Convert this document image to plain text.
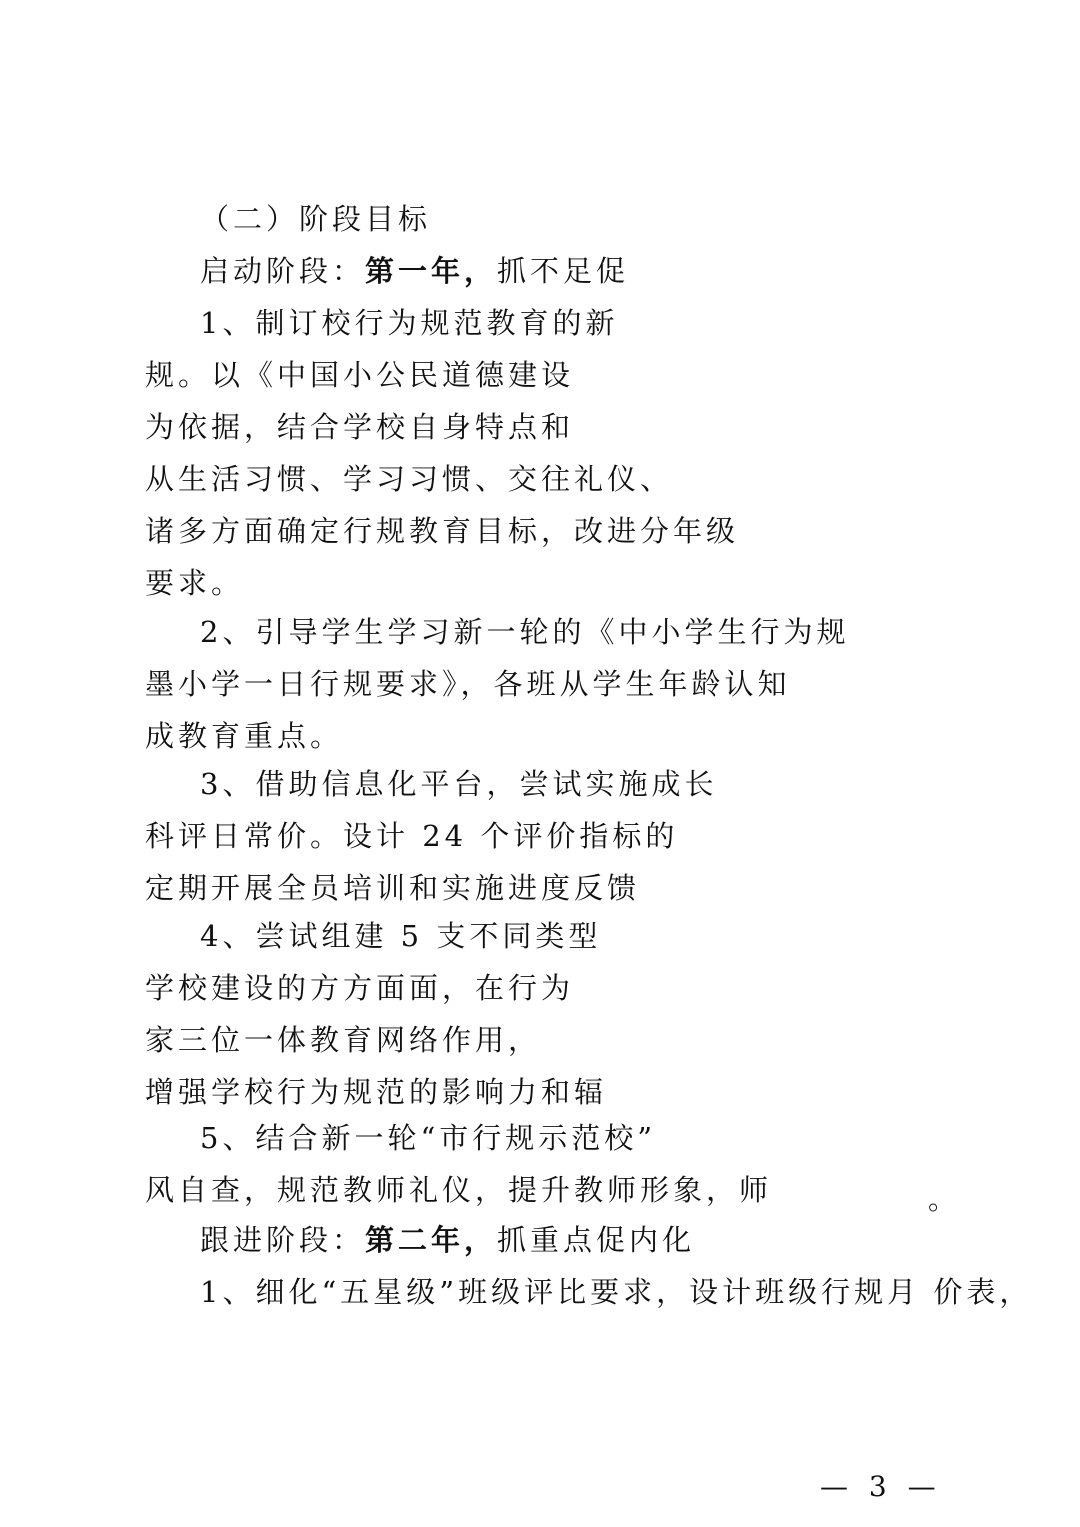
（二）阶段目标
启动阶段：第一年，抓不足促
1、制订校行为规范教育的新
规。以《中国小公民道德建设
为依据，结合学校自身特点和
从生活习惯、学习习惯、交往礼仪、
诸多方面确定行规教育目标，改进分年级
要求。
2、引导学生学习新一轮的《中小学生行为规
墨小学一日行规要求》，各班从学生年龄认知
成教育重点。
3、借助信息化平台，尝试实施成长
科评日常价。设计 24 个评价指标的
定期开展全员培训和实施进度反馈
4、尝试组建 5 支不同类型
学校建设的方方面面，在行为
家三位一体教育网络作用，
增强学校行为规范的影响力和辐
5、结合新一轮“市行规示范校”
风自查，规范教师礼仪，提升教师形象，师	。
跟进阶段：第二年，抓重点促内化
1、细化“五星级”班级评比要求，设计班级行规月 价表，
— 3 —
